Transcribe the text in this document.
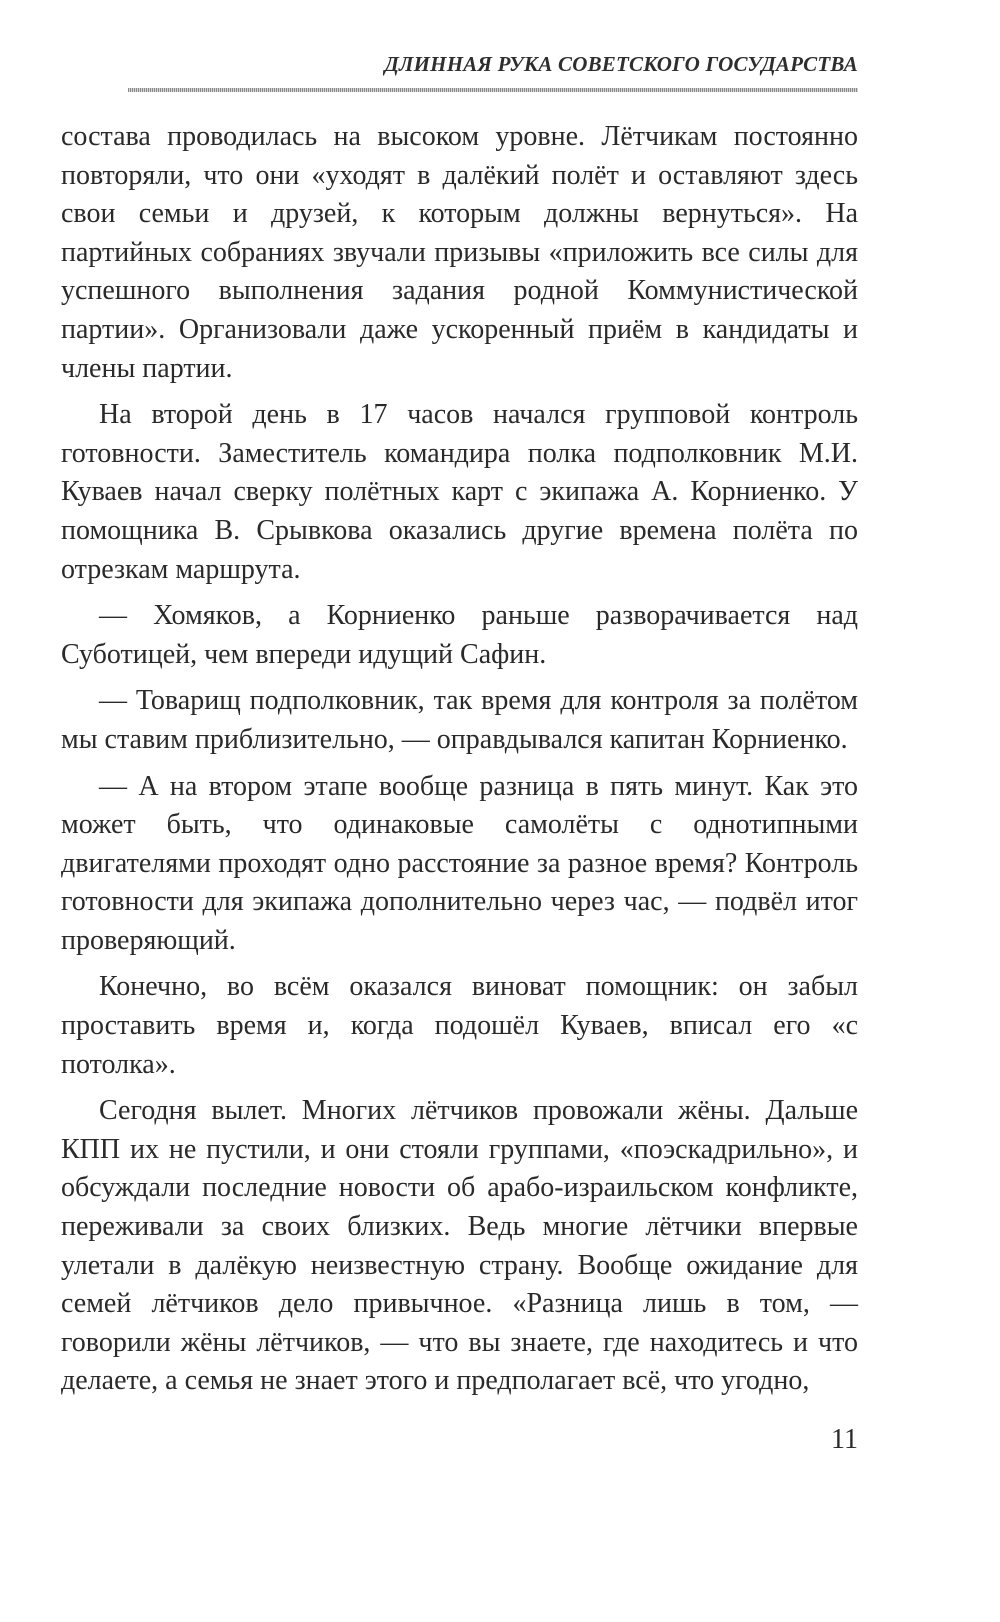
ДЛИННАЯ РУКА СОВЕТСКОГО ГОСУДАРСТВА

состава проводилась на высоком уровне. Лётчикам постоянно повторяли, что они «уходят в далёкий полёт и оставляют здесь свои семьи и друзей, к которым должны вернуться». На партийных собраниях звучали призывы «приложить все силы для успешного выполнения задания родной Коммунистической партии». Организовали даже ускоренный приём в кандидаты и члены партии.

На второй день в 17 часов начался групповой контроль готовности. Заместитель командира полка подполковник М.И. Куваев начал сверку полётных карт с экипажа А. Корниенко. У помощника В. Срывкова оказались другие времена полёта по отрезкам маршрута.

— Хомяков, а Корниенко раньше разворачивается над Суботицей, чем впереди идущий Сафин.

— Товарищ подполковник, так время для контроля за полётом мы ставим приблизительно, — оправдывался капитан Корниенко.

— А на втором этапе вообще разница в пять минут. Как это может быть, что одинаковые самолёты с однотипными двигателями проходят одно расстояние за разное время? Контроль готовности для экипажа дополнительно через час, — подвёл итог проверяющий.

Конечно, во всём оказался виноват помощник: он забыл проставить время и, когда подошёл Куваев, вписал его «с потолка».

Сегодня вылет. Многих лётчиков провожали жёны. Дальше КПП их не пустили, и они стояли группами, «поэскадрильно», и обсуждали последние новости об арабо-израильском конфликте, переживали за своих близких. Ведь многие лётчики впервые улетали в далёкую неизвестную страну. Вообще ожидание для семей лётчиков дело привычное. «Разница лишь в том, — говорили жёны лётчиков, — что вы знаете, где находитесь и что делаете, а семья не знает этого и предполагает всё, что угодно,

11
